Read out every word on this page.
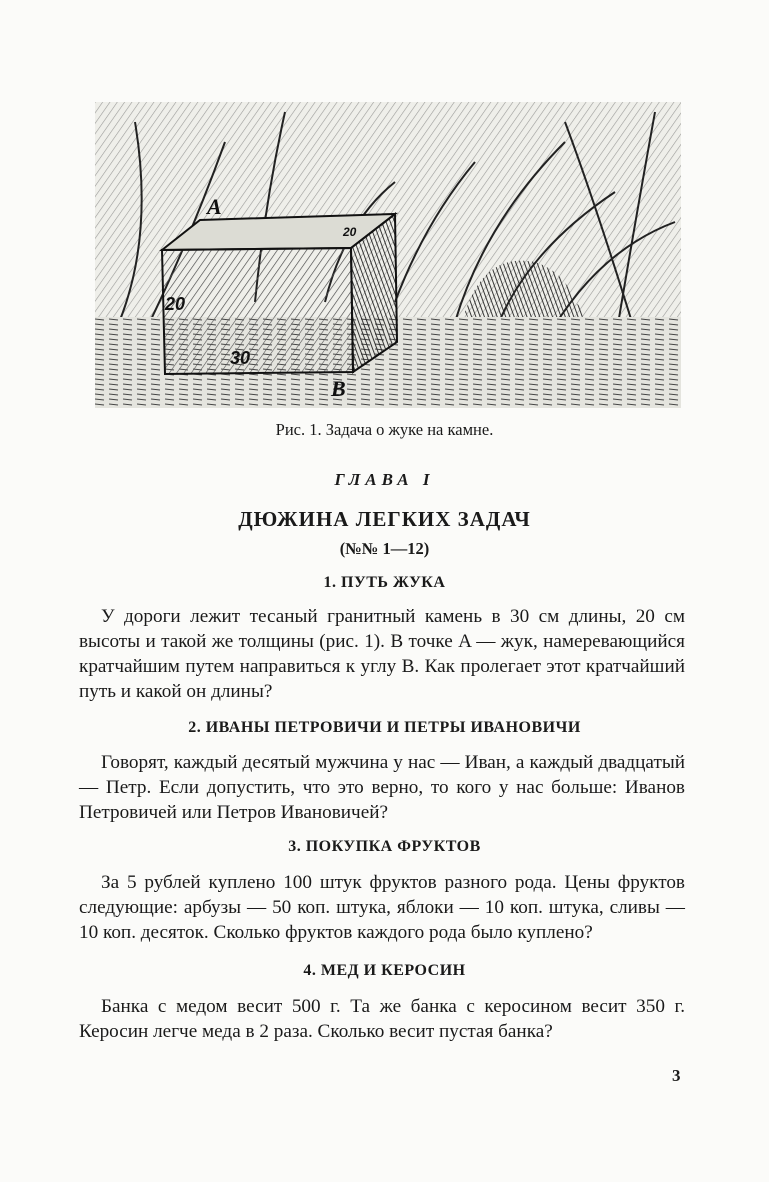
A
B
30
20
20
Рис. 1. Задача о жуке на камне.
ГЛАВА I
ДЮЖИНА ЛЕГКИХ ЗАДАЧ
(№№ 1—12)
1. ПУТЬ ЖУКА

У дороги лежит тесаный гранитный камень в 30 см длины, 20 см высоты и такой же толщины (рис. 1). В точке A — жук, намеревающийся кратчайшим путем направиться к углу B. Как пролегает этот кратчайший путь и какой он длины?

2. ИВАНЫ ПЕТРОВИЧИ И ПЕТРЫ ИВАНОВИЧИ

Говорят, каждый десятый мужчина у нас — Иван, а каждый двадцатый — Петр. Если допустить, что это верно, то кого у нас больше: Иванов Петровичей или Петров Ивановичей?

3. ПОКУПКА ФРУКТОВ

За 5 рублей куплено 100 штук фруктов разного рода. Цены фруктов следующие: арбузы — 50 коп. штука, яблоки — 10 коп. штука, сливы — 10 коп. десяток. Сколько фруктов каждого рода было куплено?

4. МЕД И КЕРОСИН

Банка с медом весит 500 г. Та же банка с керосином весит 350 г. Керосин легче меда в 2 раза. Сколько весит пустая банка?

3
